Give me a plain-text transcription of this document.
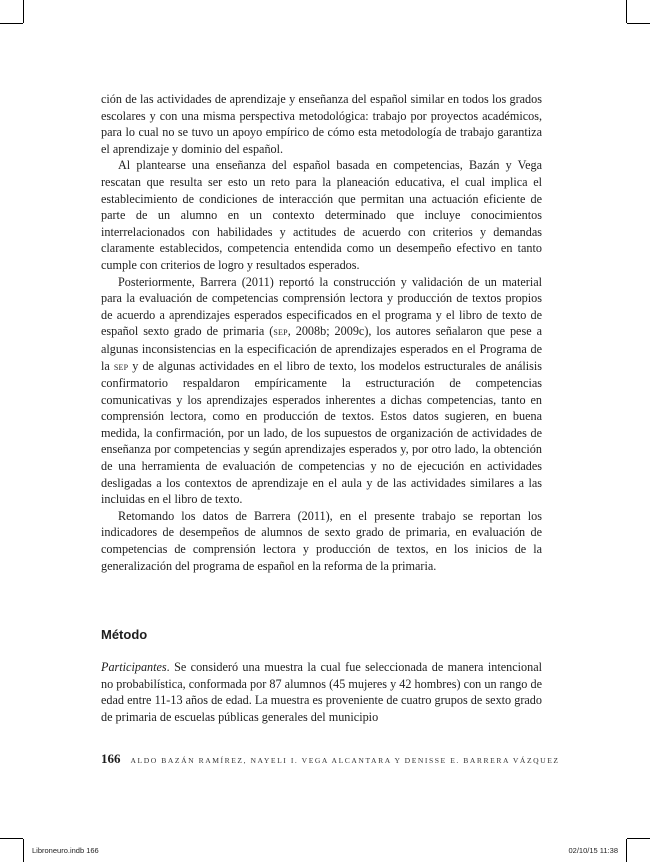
ción de las actividades de aprendizaje y enseñanza del español similar en todos los grados escolares y con una misma perspectiva metodológica: trabajo por proyectos académicos, para lo cual no se tuvo un apoyo empírico de cómo esta metodología de trabajo garantiza el aprendizaje y dominio del español.

Al plantearse una enseñanza del español basada en competencias, Bazán y Vega rescatan que resulta ser esto un reto para la planeación educativa, el cual implica el establecimiento de condiciones de interacción que permitan una actuación eficiente de parte de un alumno en un contexto determinado que incluye conocimientos interrelacionados con habilidades y actitudes de acuerdo con criterios y demandas claramente establecidos, competencia entendida como un desempeño efectivo en tanto cumple con criterios de logro y resultados esperados.

Posteriormente, Barrera (2011) reportó la construcción y validación de un material para la evaluación de competencias comprensión lectora y producción de textos propios de acuerdo a aprendizajes esperados especificados en el programa y el libro de texto de español sexto grado de primaria (sep, 2008b; 2009c), los autores señalaron que pese a algunas inconsistencias en la especificación de aprendizajes esperados en el Programa de la sep y de algunas actividades en el libro de texto, los modelos estructurales de análisis confirmatorio respaldaron empíricamente la estructuración de competencias comunicativas y los aprendizajes esperados inherentes a dichas competencias, tanto en comprensión lectora, como en producción de textos. Estos datos sugieren, en buena medida, la confirmación, por un lado, de los supuestos de organización de actividades de enseñanza por competencias y según aprendizajes esperados y, por otro lado, la obtención de una herramienta de evaluación de competencias y no de ejecución en actividades desligadas a los contextos de aprendizaje en el aula y de las actividades similares a las incluidas en el libro de texto.

Retomando los datos de Barrera (2011), en el presente trabajo se reportan los indicadores de desempeños de alumnos de sexto grado de primaria, en evaluación de competencias de comprensión lectora y producción de textos, en los inicios de la generalización del programa de español en la reforma de la primaria.

Método

Participantes. Se consideró una muestra la cual fue seleccionada de manera intencional no probabilística, conformada por 87 alumnos (45 mujeres y 42 hombres) con un rango de edad entre 11-13 años de edad. La muestra es proveniente de cuatro grupos de sexto grado de primaria de escuelas públicas generales del municipio

166 ALDO BAZÁN RAMÍREZ, NAYELI I. VEGA ALCANTARA Y DENISSE E. BARRERA VÁZQUEZ
Libroneuro.indb 166	02/10/15 11:38
